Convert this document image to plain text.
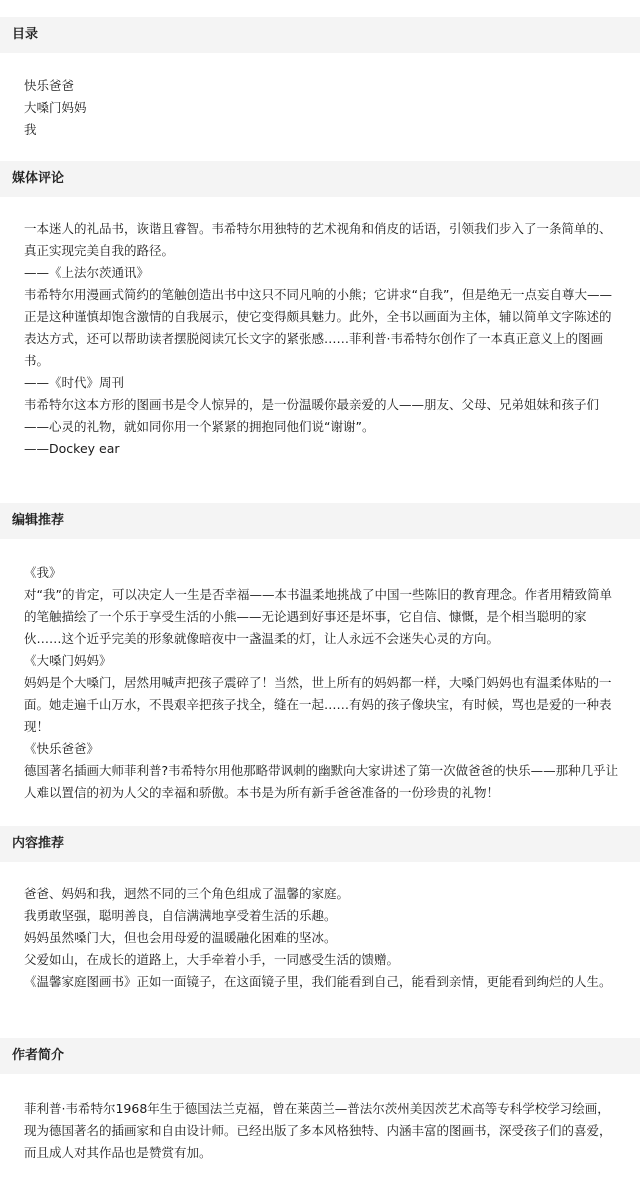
目录

快乐爸爸

大嗓门妈妈

我

媒体评论

一本迷人的礼品书，诙谐且睿智。韦希特尔用独特的艺术视角和俏皮的话语，引领我们步入了一条简单的、真正实现完美自我的路径。

——《上法尔茨通讯》

韦希特尔用漫画式简约的笔触创造出书中这只不同凡响的小熊；它讲求“自我”，但是绝无一点妄自尊大——正是这种谨慎却饱含激情的自我展示，使它变得颇具魅力。此外，全书以画面为主体，辅以简单文字陈述的表达方式，还可以帮助读者摆脱阅读冗长文字的紧张感……菲利普·韦希特尔创作了一本真正意义上的图画书。

——《时代》周刊

韦希特尔这本方形的图画书是令人惊异的，是一份温暖你最亲爱的人——朋友、父母、兄弟姐妹和孩子们——心灵的礼物，就如同你用一个紧紧的拥抱同他们说“谢谢”。

——Dockey ear

编辑推荐

《我》

对“我”的肯定，可以决定人一生是否幸福——本书温柔地挑战了中国一些陈旧的教育理念。作者用精致简单的笔触描绘了一个乐于享受生活的小熊——无论遇到好事还是坏事，它自信、慷慨，是个相当聪明的家伙……这个近乎完美的形象就像暗夜中一盏温柔的灯，让人永远不会迷失心灵的方向。

《大嗓门妈妈》

妈妈是个大嗓门，居然用喊声把孩子震碎了！当然，世上所有的妈妈都一样，大嗓门妈妈也有温柔体贴的一面。她走遍千山万水，不畏艰辛把孩子找全，缝在一起……有妈的孩子像块宝，有时候，骂也是爱的一种表现！

《快乐爸爸》

德国著名插画大师菲利普?韦希特尔用他那略带讽刺的幽默向大家讲述了第一次做爸爸的快乐——那种几乎让人难以置信的初为人父的幸福和骄傲。本书是为所有新手爸爸准备的一份珍贵的礼物！

内容推荐

爸爸、妈妈和我，迥然不同的三个角色组成了温馨的家庭。

我勇敢坚强，聪明善良，自信满满地享受着生活的乐趣。

妈妈虽然嗓门大，但也会用母爱的温暖融化困难的坚冰。

父爱如山，在成长的道路上，大手牵着小手，一同感受生活的馈赠。

《温馨家庭图画书》正如一面镜子，在这面镜子里，我们能看到自己，能看到亲情，更能看到绚烂的人生。

作者简介

菲利普·韦希特尔1968年生于德国法兰克福，曾在莱茵兰—普法尔茨州美因茨艺术高等专科学校学习绘画，现为德国著名的插画家和自由设计师。已经出版了多本风格独特、内涵丰富的图画书，深受孩子们的喜爱，而且成人对其作品也是赞赏有加。
